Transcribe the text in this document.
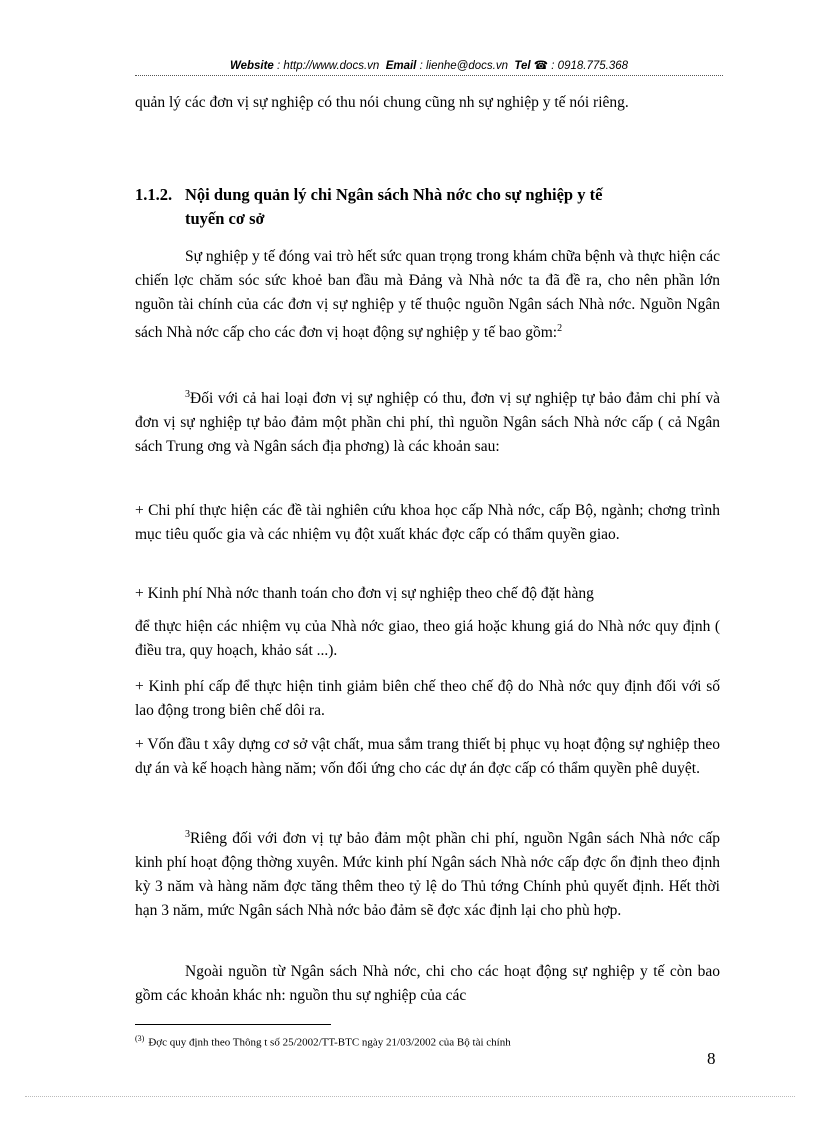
Website : http://www.docs.vn Email : lienhe@docs.vn Tel ☎ : 0918.775.368
quản lý các đơn vị sự nghiệp có thu nói chung cũng nh sự nghiệp y tế nói riêng.
1.1.2. Nội dung quản lý chi Ngân sách Nhà nớc cho sự nghiệp y tế
tuyến cơ sở
Sự nghiệp y tế đóng vai trò hết sức quan trọng trong khám chữa bệnh và thực hiện các chiến lợc chăm sóc sức khoẻ ban đầu mà Đảng và Nhà nớc ta đã đề ra, cho nên phần lớn nguồn tài chính của các đơn vị sự nghiệp y tế thuộc nguồn Ngân sách Nhà nớc. Nguồn Ngân sách Nhà nớc cấp cho các đơn vị hoạt động sự nghiệp y tế bao gồm:$^2$
$^3$Đối với cả hai loại đơn vị sự nghiệp có thu, đơn vị sự nghiệp tự bảo đảm chi phí và đơn vị sự nghiệp tự bảo đảm một phần chi phí, thì nguồn Ngân sách Nhà nớc cấp ( cả Ngân sách Trung ơng và Ngân sách địa phơng) là các khoản sau:
+ Chi phí thực hiện các đề tài nghiên cứu khoa học cấp Nhà nớc, cấp Bộ, ngành; chơng trình mục tiêu quốc gia và các nhiệm vụ đột xuất khác đợc cấp có thẩm quyền giao.
+ Kinh phí Nhà nớc thanh toán cho đơn vị sự nghiệp theo chế độ đặt hàng
để thực hiện các nhiệm vụ của Nhà nớc giao, theo giá hoặc khung giá do Nhà nớc quy định ( điều tra, quy hoạch, khảo sát ...).
+ Kinh phí cấp để thực hiện tinh giảm biên chế theo chế độ do Nhà nớc quy định đối với số lao động trong biên chế dôi ra.
+ Vốn đầu t xây dựng cơ sở vật chất, mua sắm trang thiết bị phục vụ hoạt động sự nghiệp theo dự án và kế hoạch hàng năm; vốn đối ứng cho các dự án đợc cấp có thẩm quyền phê duyệt.
$^3$Riêng đối với đơn vị tự bảo đảm một phần chi phí, nguồn Ngân sách Nhà nớc cấp kinh phí hoạt động thờng xuyên. Mức kinh phí Ngân sách Nhà nớc cấp đợc ổn định theo định kỳ 3 năm và hàng năm đợc tăng thêm theo tỷ lệ do Thủ tớng Chính phủ quyết định. Hết thời hạn 3 năm, mức Ngân sách Nhà nớc bảo đảm sẽ đợc xác định lại cho phù hợp.
Ngoài nguồn từ Ngân sách Nhà nớc, chi cho các hoạt động sự nghiệp y tế còn bao gồm các khoản khác nh: nguồn thu sự nghiệp của các
$^{(3)}$ Đợc quy định theo Thông t số 25/2002/TT-BTC ngày 21/03/2002 của Bộ tài chính
8
